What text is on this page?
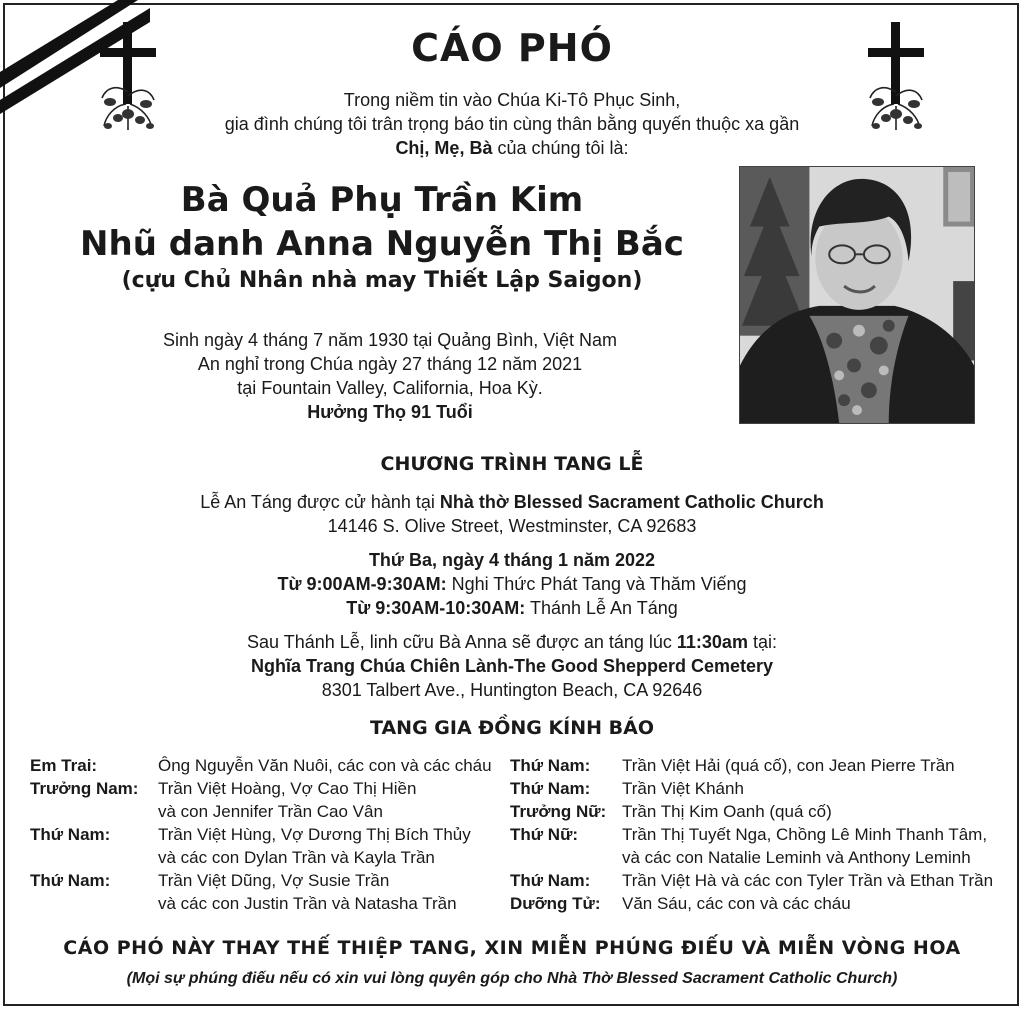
CÁO PHÓ
Trong niềm tin vào Chúa Ki-Tô Phục Sinh,
gia đình chúng tôi trân trọng báo tin cùng thân bằng quyến thuộc xa gần
Chị, Mẹ, Bà của chúng tôi là:
Bà Quả Phụ Trần Kim
Nhũ danh Anna Nguyễn Thị Bắc
(cựu Chủ Nhân nhà may Thiết Lập Saigon)
Sinh ngày 4 tháng 7 năm 1930 tại Quảng Bình, Việt Nam
An nghỉ trong Chúa ngày 27 tháng 12 năm 2021
tại Fountain Valley, California, Hoa Kỳ.
Hưởng Thọ 91 Tuổi
CHƯƠNG TRÌNH TANG LỄ
Lễ An Táng được cử hành tại Nhà thờ Blessed Sacrament Catholic Church
14146 S. Olive Street, Westminster, CA 92683
Thứ Ba, ngày 4 tháng 1 năm 2022
Từ 9:00AM-9:30AM: Nghi Thức Phát Tang và Thăm Viếng
Từ 9:30AM-10:30AM: Thánh Lễ An Táng
Sau Thánh Lễ, linh cữu Bà Anna sẽ được an táng lúc 11:30am tại:
Nghĩa Trang Chúa Chiên Lành-The Good Shepperd Cemetery
8301 Talbert Ave., Huntington Beach, CA 92646
TANG GIA ĐỒNG KÍNH BÁO
Em Trai:	Ông Nguyễn Văn Nuôi, các con và các cháu
Trưởng Nam:	Trần Việt Hoàng, Vợ Cao Thị Hiền
và con Jennifer Trần Cao Vân
Thứ Nam:	Trần Việt Hùng, Vợ Dương Thị Bích Thủy
và các con Dylan Trần và Kayla Trần
Thứ Nam:	Trần Việt Dũng, Vợ Susie Trần
và các con Justin Trần và Natasha Trần
Thứ Nam:	Trần Việt Hải (quá cố), con Jean Pierre Trần
Thứ Nam:	Trần Việt Khánh
Trưởng Nữ: Trần Thị Kim Oanh (quá cố)
Thứ Nữ:	Trần Thị Tuyết Nga, Chồng Lê Minh Thanh Tâm,
và các con Natalie Leminh và Anthony Leminh
Thứ Nam:	Trần Việt Hà và các con Tyler Trần và Ethan Trần
Dưỡng Tử:	Văn Sáu, các con và các cháu
CÁO PHÓ NÀY THAY THẾ THIỆP TANG, XIN MIỄN PHÚNG ĐIẾU VÀ MIỄN VÒNG HOA
(Mọi sự phúng điếu nếu có xin vui lòng quyên góp cho Nhà Thờ Blessed Sacrament Catholic Church)
